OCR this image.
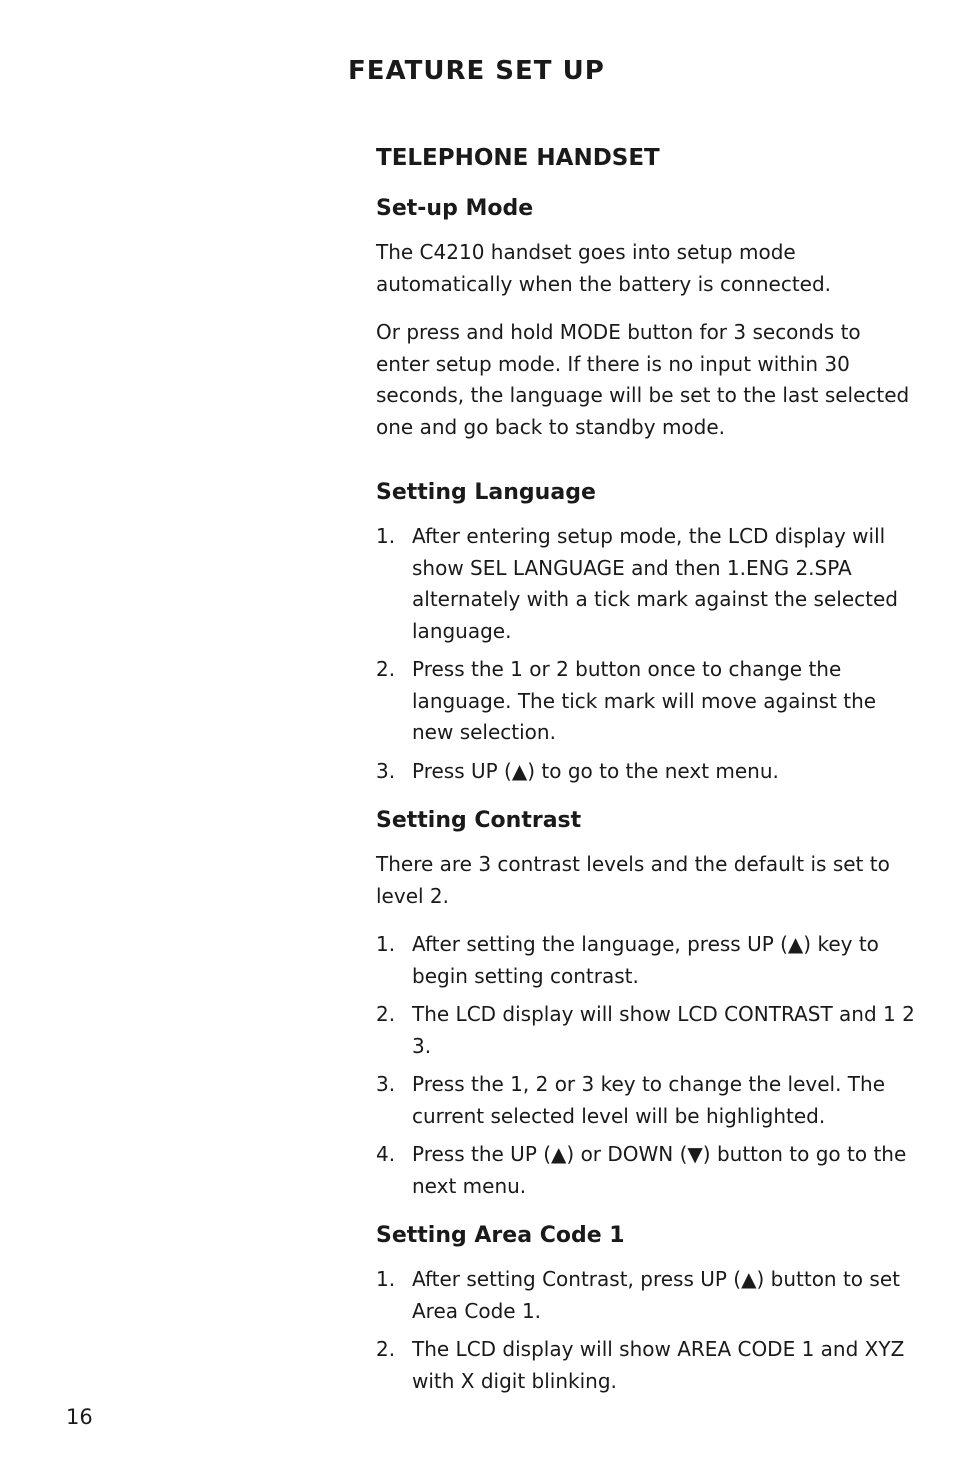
FEATURE SET UP
TELEPHONE HANDSET
Set-up Mode

The C4210 handset goes into setup mode automatically when the battery is connected.

Or press and hold MODE button for 3 seconds to enter setup mode. If there is no input within 30 seconds, the language will be set to the last selected one and go back to standby mode.

Setting Language
1. After entering setup mode, the LCD display will show SEL LANGUAGE and then 1.ENG 2.SPA alternately with a tick mark against the selected language.
2. Press the 1 or 2 button once to change the language. The tick mark will move against the new selection.
3. Press UP (▲) to go to the next menu.
Setting Contrast

There are 3 contrast levels and the default is set to level 2.

1. After setting the language, press UP (▲) key to begin setting contrast.
2. The LCD display will show LCD CONTRAST and 1 2 3.
3. Press the 1, 2 or 3 key to change the level. The current selected level will be highlighted.
4. Press the UP (▲) or DOWN (▼) button to go to the next menu.
Setting Area Code 1
1. After setting Contrast, press UP (▲) button to set Area Code 1.
2. The LCD display will show AREA CODE 1 and XYZ with X digit blinking.
16
